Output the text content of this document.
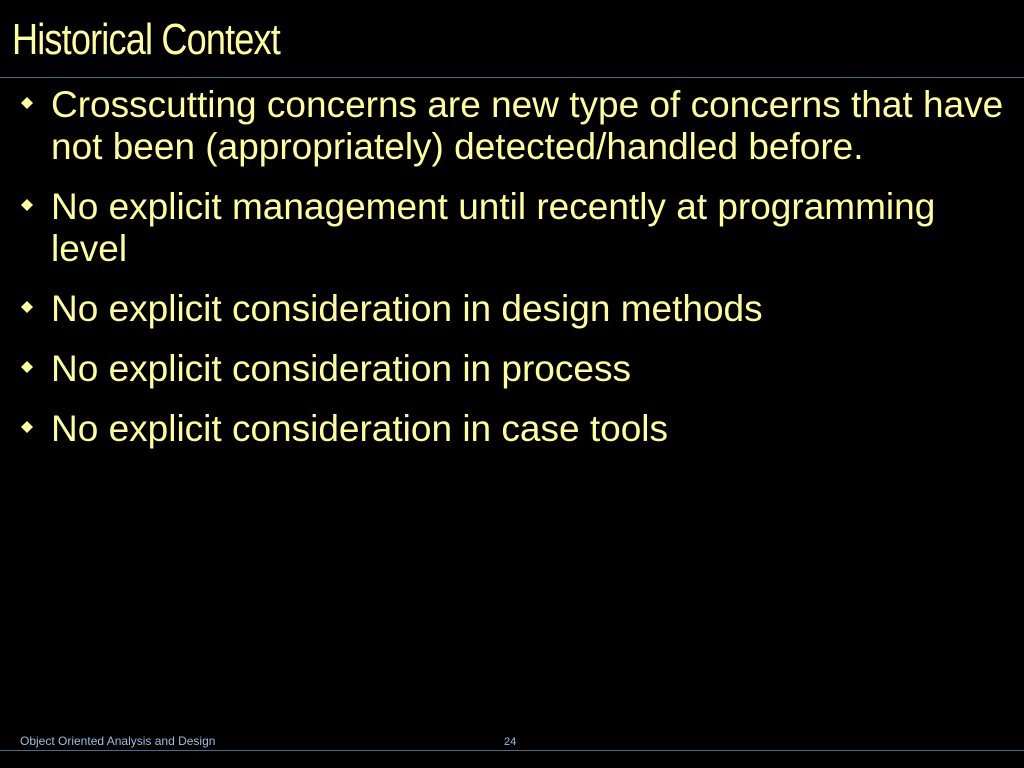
Historical Context
Crosscutting concerns are new type of concerns that have not been (appropriately) detected/handled before.
No explicit management until recently at programming level
No explicit consideration in design methods
No explicit consideration in process
No explicit consideration in case tools
Object Oriented Analysis and Design	24
